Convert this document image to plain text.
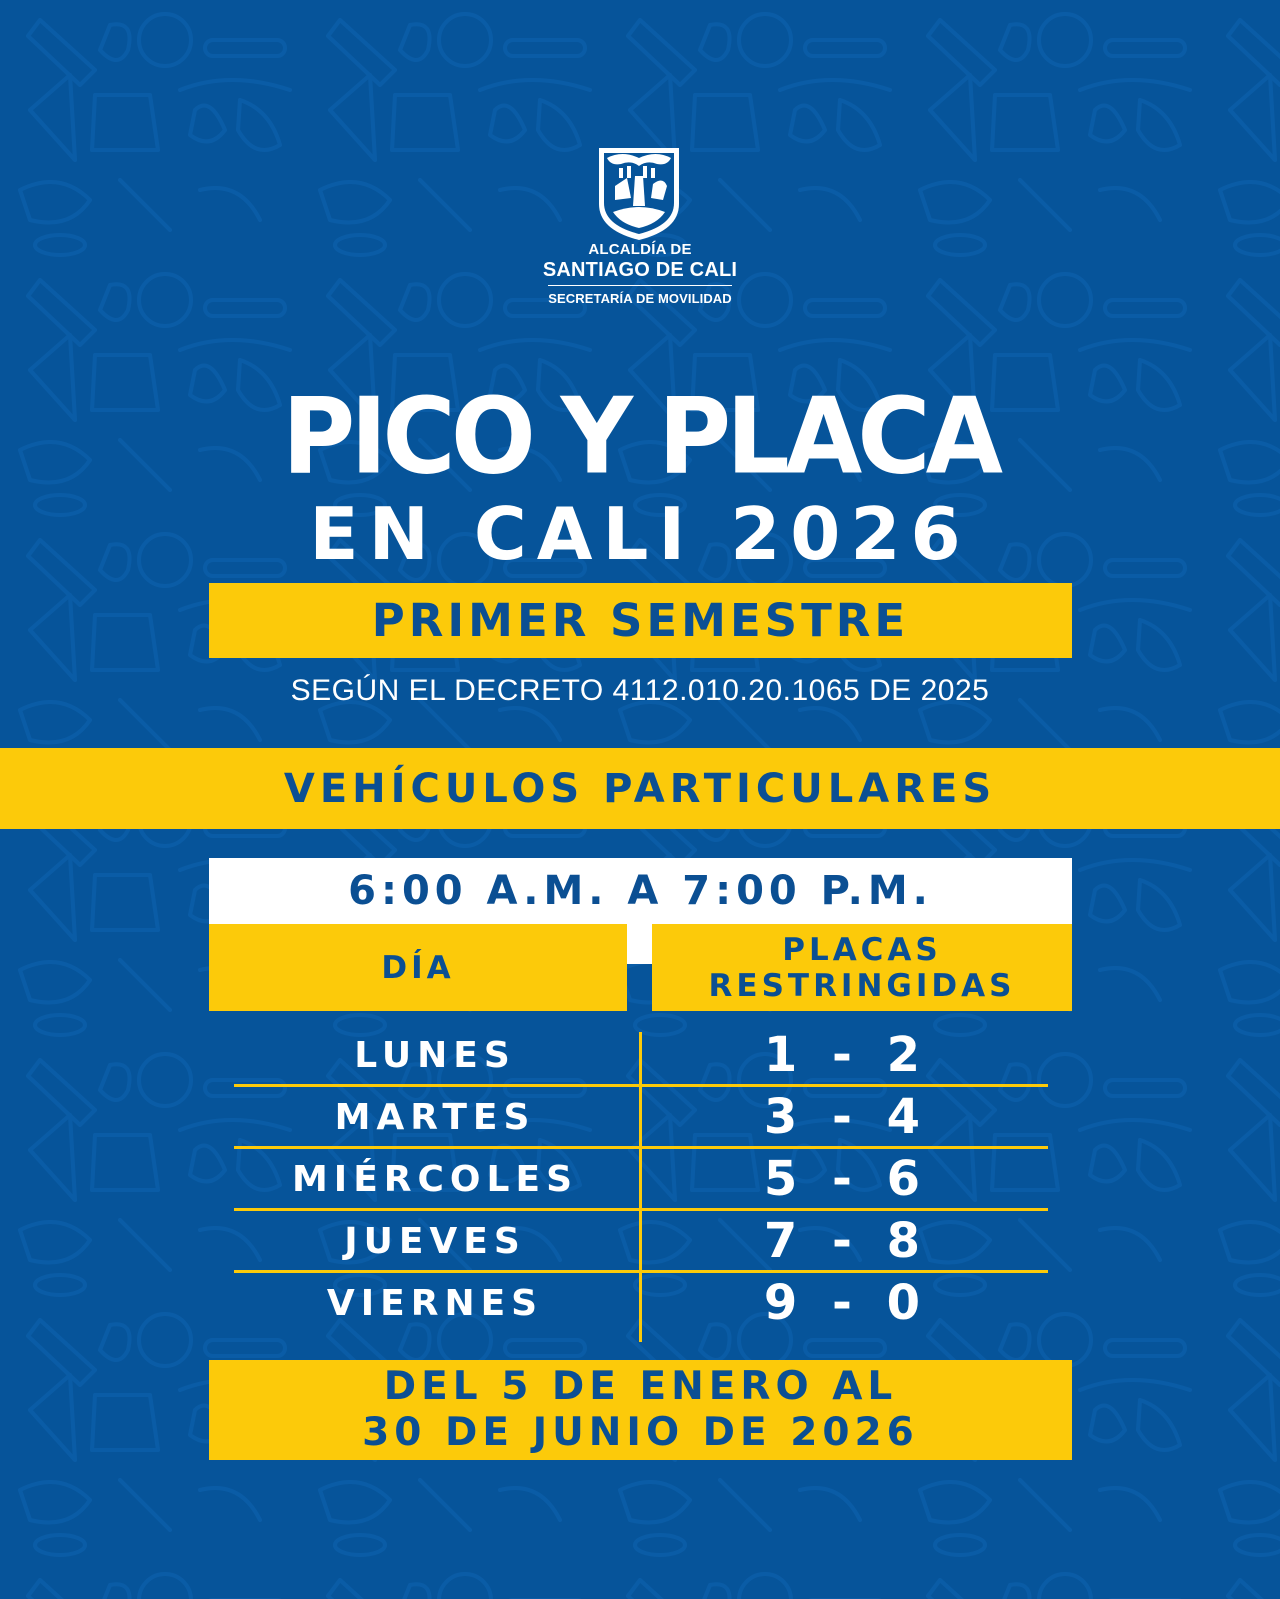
ALCALDÍA DE
SANTIAGO DE CALI
SECRETARÍA DE MOVILIDAD
PICO Y PLACA
EN CALI 2026
PRIMER SEMESTRE
SEGÚN EL DECRETO 4112.010.20.1065 DE 2025
VEHÍCULOS PARTICULARES
6:00 A.M. A 7:00 P.M.
DÍA	PLACAS RESTRINGIDAS
LUNES	1 - 2
MARTES	3 - 4
MIÉRCOLES	5 - 6
JUEVES	7 - 8
VIERNES	9 - 0
DEL 5 DE ENERO AL
30 DE JUNIO DE 2026
